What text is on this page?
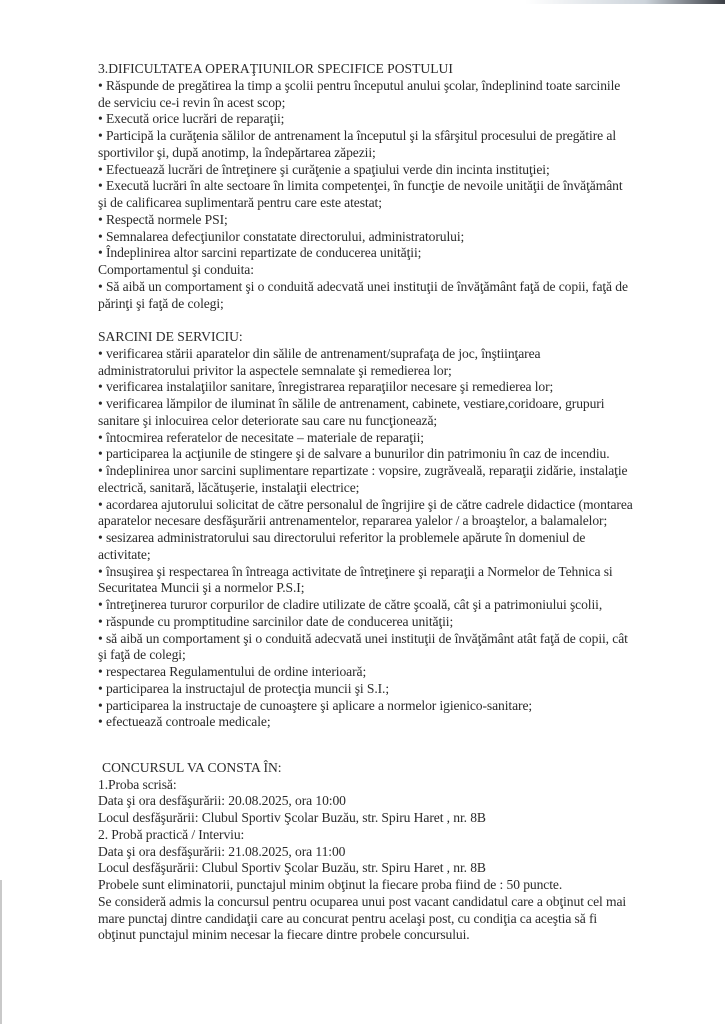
3.DIFICULTATEA OPERAŢIUNILOR SPECIFICE POSTULUI
• Răspunde de pregătirea la timp a şcolii pentru începutul anului şcolar, îndeplinind toate sarcinile
de serviciu ce-i revin în acest scop;
• Execută orice lucrări de reparaţii;
• Participă la curăţenia sălilor de antrenament la începutul şi la sfârşitul procesului de pregătire al
sportivilor şi, după anotimp, la îndepărtarea zăpezii;
• Efectuează lucrări de întreţinere şi curăţenie a spaţiului verde din incinta instituţiei;
• Execută lucrări în alte sectoare în limita competenţei, în funcţie de nevoile unităţii de învăţământ
şi de calificarea suplimentară pentru care este atestat;
• Respectă normele PSI;
• Semnalarea defecţiunilor constatate directorului, administratorului;
• Îndeplinirea altor sarcini repartizate de conducerea unităţii;
Comportamentul şi conduita:
• Să aibă un comportament şi o conduită adecvată unei instituţii de învăţământ faţă de copii, faţă de
părinţi şi faţă de colegi;
SARCINI DE SERVICIU:
• verificarea stării aparatelor din sălile de antrenament/suprafaţa de joc, înştiinţarea
administratorului privitor la aspectele semnalate şi remedierea lor;
• verificarea instalaţiilor sanitare, înregistrarea reparaţiilor necesare şi remedierea lor;
• verificarea lămpilor de iluminat în sălile de antrenament, cabinete, vestiare,coridoare, grupuri
sanitare şi inlocuirea celor deteriorate sau care nu funcţionează;
• întocmirea referatelor de necesitate – materiale de reparaţii;
• participarea la acţiunile de stingere şi de salvare a bunurilor din patrimoniu în caz de incendiu.
• îndeplinirea unor sarcini suplimentare repartizate : vopsire, zugrăveală, reparaţii zidărie, instalaţie
electrică, sanitară, lăcătuşerie, instalaţii electrice;
• acordarea ajutorului solicitat de către personalul de îngrijire şi de către cadrele didactice (montarea
aparatelor necesare desfăşurării antrenamentelor, repararea yalelor / a broaştelor, a balamalelor;
• sesizarea administratorului sau directorului referitor la problemele apărute în domeniul de
activitate;
• însuşirea şi respectarea în întreaga activitate de întreţinere şi reparaţii a Normelor de Tehnica si
Securitatea Muncii şi a normelor P.S.I;
• întreţinerea tururor corpurilor de cladire utilizate de către şcoală, cât şi a patrimoniului şcolii,
• răspunde cu promptitudine sarcinilor date de conducerea unităţii;
• să aibă un comportament şi o conduită adecvată unei instituţii de învăţământ atât faţă de copii, cât
şi faţă de colegi;
• respectarea Regulamentului de ordine interioară;
• participarea la instructajul de protecţia muncii şi S.I.;
• participarea la instructaje de cunoaştere şi aplicare a normelor igienico-sanitare;
• efectuează controale medicale;
CONCURSUL VA CONSTA ÎN:
1.Proba scrisă:
Data şi ora desfăşurării: 20.08.2025, ora 10:00
Locul desfăşurării: Clubul Sportiv Şcolar Buzău, str. Spiru Haret , nr. 8B
2. Probă practică / Interviu:
Data şi ora desfăşurării: 21.08.2025, ora 11:00
Locul desfăşurării: Clubul Sportiv Şcolar Buzău, str. Spiru Haret , nr. 8B
Probele sunt eliminatorii, punctajul minim obţinut la fiecare proba fiind de : 50 puncte.
Se consideră admis la concursul pentru ocuparea unui post vacant candidatul care a obţinut cel mai
mare punctaj dintre candidaţii care au concurat pentru acelaşi post, cu condiţia ca aceştia să fi
obţinut punctajul minim necesar la fiecare dintre probele concursului.
